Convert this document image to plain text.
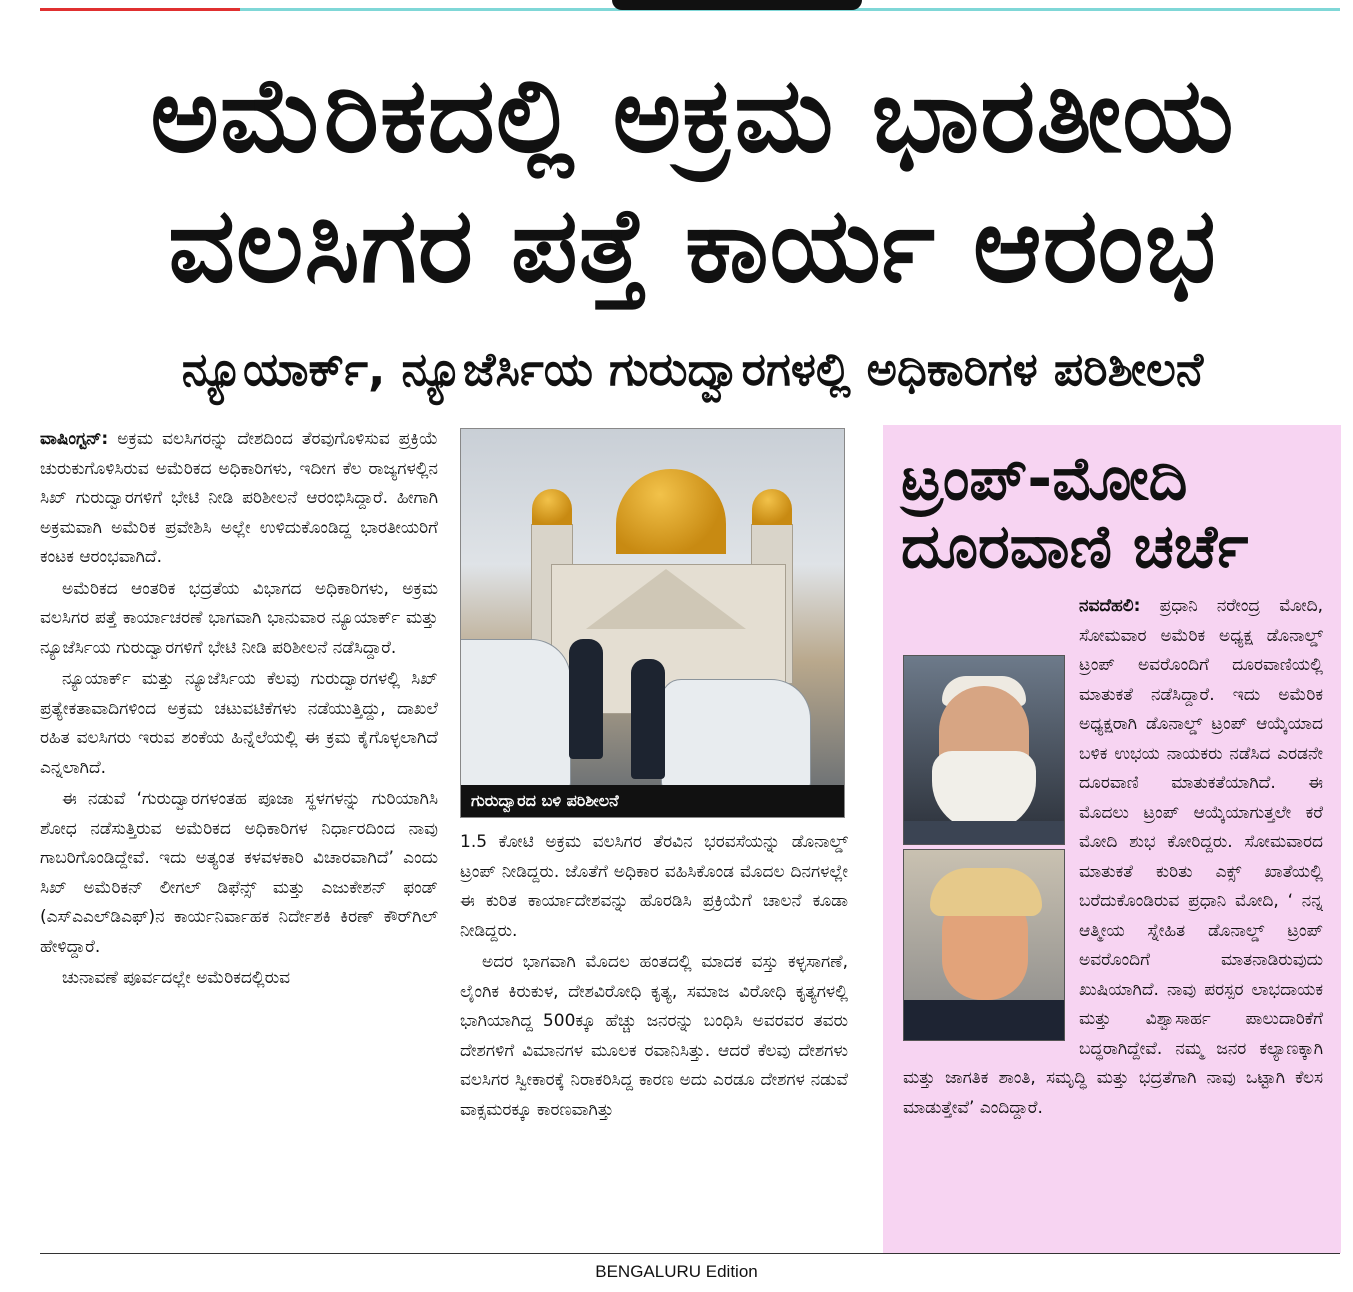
ಅಮೆರಿಕದಲ್ಲಿ ಅಕ್ರಮ ಭಾರತೀಯ
ವಲಸಿಗರ ಪತ್ತೆ ಕಾರ್ಯ ಆರಂಭ
ನ್ಯೂಯಾರ್ಕ್, ನ್ಯೂಜೆರ್ಸಿಯ ಗುರುದ್ವಾರಗಳಲ್ಲಿ ಅಧಿಕಾರಿಗಳ ಪರಿಶೀಲನೆ

ವಾಷಿಂಗ್ಟನ್: ಅಕ್ರಮ ವಲಸಿಗರನ್ನು ದೇಶದಿಂದ ತೆರವುಗೊಳಿಸುವ ಪ್ರಕ್ರಿಯೆ ಚುರುಕುಗೊಳಿಸಿರುವ ಅಮೆರಿಕದ ಅಧಿಕಾರಿಗಳು, ಇದೀಗ ಕೆಲ ರಾಜ್ಯಗಳಲ್ಲಿನ ಸಿಖ್ ಗುರುದ್ವಾರಗಳಿಗೆ ಭೇಟಿ ನೀಡಿ ಪರಿಶೀಲನೆ ಆರಂಭಿಸಿದ್ದಾರೆ. ಹೀಗಾಗಿ ಅಕ್ರಮವಾಗಿ ಅಮೆರಿಕ ಪ್ರವೇಶಿಸಿ ಅಲ್ಲೇ ಉಳಿದುಕೊಂಡಿದ್ದ ಭಾರತೀಯರಿಗೆ ಕಂಟಕ ಆರಂಭವಾಗಿದೆ.

ಅಮೆರಿಕದ ಆಂತರಿಕ ಭದ್ರತೆಯ ವಿಭಾಗದ ಅಧಿಕಾರಿಗಳು, ಅಕ್ರಮ ವಲಸಿಗರ ಪತ್ತೆ ಕಾರ್ಯಾಚರಣೆ ಭಾಗವಾಗಿ ಭಾನುವಾರ ನ್ಯೂಯಾರ್ಕ್ ಮತ್ತು ನ್ಯೂಜೆರ್ಸಿಯ ಗುರುದ್ವಾರಗಳಿಗೆ ಭೇಟಿ ನೀಡಿ ಪರಿಶೀಲನೆ ನಡೆಸಿದ್ದಾರೆ.

ನ್ಯೂಯಾರ್ಕ್ ಮತ್ತು ನ್ಯೂಜೆರ್ಸಿಯ ಕೆಲವು ಗುರುದ್ವಾರಗಳಲ್ಲಿ ಸಿಖ್ ಪ್ರತ್ಯೇಕತಾವಾದಿಗಳಿಂದ ಅಕ್ರಮ ಚಟುವಟಿಕೆಗಳು ನಡೆಯುತ್ತಿದ್ದು, ದಾಖಲೆ ರಹಿತ ವಲಸಿಗರು ಇರುವ ಶಂಕೆಯ ಹಿನ್ನೆಲೆಯಲ್ಲಿ ಈ ಕ್ರಮ ಕೈಗೊಳ್ಳಲಾಗಿದೆ ಎನ್ನಲಾಗಿದೆ.

ಈ ನಡುವೆ ‘ಗುರುದ್ವಾರಗಳಂತಹ ಪೂಜಾ ಸ್ಥಳಗಳನ್ನು ಗುರಿಯಾಗಿಸಿ ಶೋಧ ನಡೆಸುತ್ತಿರುವ ಅಮೆರಿಕದ ಅಧಿಕಾರಿಗಳ ನಿರ್ಧಾರದಿಂದ ನಾವು ಗಾಬರಿಗೊಂಡಿದ್ದೇವೆ. ಇದು ಅತ್ಯಂತ ಕಳವಳಕಾರಿ ವಿಚಾರವಾಗಿದೆ’ ಎಂದು ಸಿಖ್ ಅಮೆರಿಕನ್ ಲೀಗಲ್ ಡಿಫೆನ್ಸ್ ಮತ್ತು ಎಜುಕೇಶನ್ ಫಂಡ್ (ಎಸ್‌ಎಎಲ್‌ಡಿಎಫ್)ನ ಕಾರ್ಯನಿರ್ವಾಹಕ ನಿರ್ದೇಶಕಿ ಕಿರಣ್ ಕೌರ್‌ಗಿಲ್ ಹೇಳಿದ್ದಾರೆ.

ಚುನಾವಣೆ ಪೂರ್ವದಲ್ಲೇ ಅಮೆರಿಕದಲ್ಲಿರುವ

ಗುರುದ್ವಾರದ ಬಳಿ ಪರಿಶೀಲನೆ

1.5 ಕೋಟಿ ಅಕ್ರಮ ವಲಸಿಗರ ತೆರವಿನ ಭರವಸೆಯನ್ನು ಡೊನಾಲ್ಡ್ ಟ್ರಂಪ್ ನೀಡಿದ್ದರು. ಜೊತೆಗೆ ಅಧಿಕಾರ ವಹಿಸಿಕೊಂಡ ಮೊದಲ ದಿನಗಳಲ್ಲೇ ಈ ಕುರಿತ ಕಾರ್ಯಾದೇಶವನ್ನು ಹೊರಡಿಸಿ ಪ್ರಕ್ರಿಯೆಗೆ ಚಾಲನೆ ಕೂಡಾ ನೀಡಿದ್ದರು.

ಅದರ ಭಾಗವಾಗಿ ಮೊದಲ ಹಂತದಲ್ಲಿ ಮಾದಕ ವಸ್ತು ಕಳ್ಳಸಾಗಣೆ, ಲೈಂಗಿಕ ಕಿರುಕುಳ, ದೇಶವಿರೋಧಿ ಕೃತ್ಯ, ಸಮಾಜ ವಿರೋಧಿ ಕೃತ್ಯಗಳಲ್ಲಿ ಭಾಗಿಯಾಗಿದ್ದ 500ಕ್ಕೂ ಹೆಚ್ಚು ಜನರನ್ನು ಬಂಧಿಸಿ ಅವರವರ ತವರು ದೇಶಗಳಿಗೆ ವಿಮಾನಗಳ ಮೂಲಕ ರವಾನಿಸಿತ್ತು. ಆದರೆ ಕೆಲವು ದೇಶಗಳು ವಲಸಿಗರ ಸ್ವೀಕಾರಕ್ಕೆ ನಿರಾಕರಿಸಿದ್ದ ಕಾರಣ ಅದು ಎರಡೂ ದೇಶಗಳ ನಡುವೆ ವಾಕ್ಸಮರಕ್ಕೂ ಕಾರಣವಾಗಿತ್ತು

ಟ್ರಂಪ್-ಮೋದಿ
ದೂರವಾಣಿ ಚರ್ಚೆ

ನವದೆಹಲಿ: ಪ್ರಧಾನಿ ನರೇಂದ್ರ ಮೋದಿ, ಸೋಮವಾರ ಅಮೆರಿಕ ಅಧ್ಯಕ್ಷ ಡೊನಾಲ್ಡ್ ಟ್ರಂಪ್ ಅವರೊಂದಿಗೆ ದೂರವಾಣಿಯಲ್ಲಿ ಮಾತುಕತೆ ನಡೆಸಿದ್ದಾರೆ. ಇದು ಅಮೆರಿಕ ಅಧ್ಯಕ್ಷರಾಗಿ ಡೊನಾಲ್ಡ್ ಟ್ರಂಪ್ ಆಯ್ಕೆಯಾದ ಬಳಿಕ ಉಭಯ ನಾಯಕರು ನಡೆಸಿದ ಎರಡನೇ ದೂರವಾಣಿ ಮಾತುಕತೆಯಾಗಿದೆ. ಈ ಮೊದಲು ಟ್ರಂಪ್ ಆಯ್ಕೆಯಾಗುತ್ತಲೇ ಕರೆ ಮೋದಿ ಶುಭ ಕೋರಿದ್ದರು. ಸೋಮವಾರದ ಮಾತುಕತೆ ಕುರಿತು ಎಕ್ಸ್ ಖಾತೆಯಲ್ಲಿ ಬರೆದುಕೊಂಡಿರುವ ಪ್ರಧಾನಿ ಮೋದಿ, ‘ ನನ್ನ ಆತ್ಮೀಯ ಸ್ನೇಹಿತ ಡೊನಾಲ್ಡ್ ಟ್ರಂಪ್ ಅವರೊಂದಿಗೆ ಮಾತನಾಡಿರುವುದು ಖುಷಿಯಾಗಿದೆ. ನಾವು ಪರಸ್ಪರ ಲಾಭದಾಯಕ ಮತ್ತು ವಿಶ್ವಾಸಾರ್ಹ ಪಾಲುದಾರಿಕೆಗೆ ಬದ್ಧರಾಗಿದ್ದೇವೆ. ನಮ್ಮ ಜನರ ಕಲ್ಯಾಣಕ್ಕಾಗಿ ಮತ್ತು ಜಾಗತಿಕ ಶಾಂತಿ, ಸಮೃದ್ಧಿ ಮತ್ತು ಭದ್ರತೆಗಾಗಿ ನಾವು ಒಟ್ಟಾಗಿ ಕೆಲಸ ಮಾಡುತ್ತೇವೆ’ ಎಂದಿದ್ದಾರೆ.

BENGALURU Edition
